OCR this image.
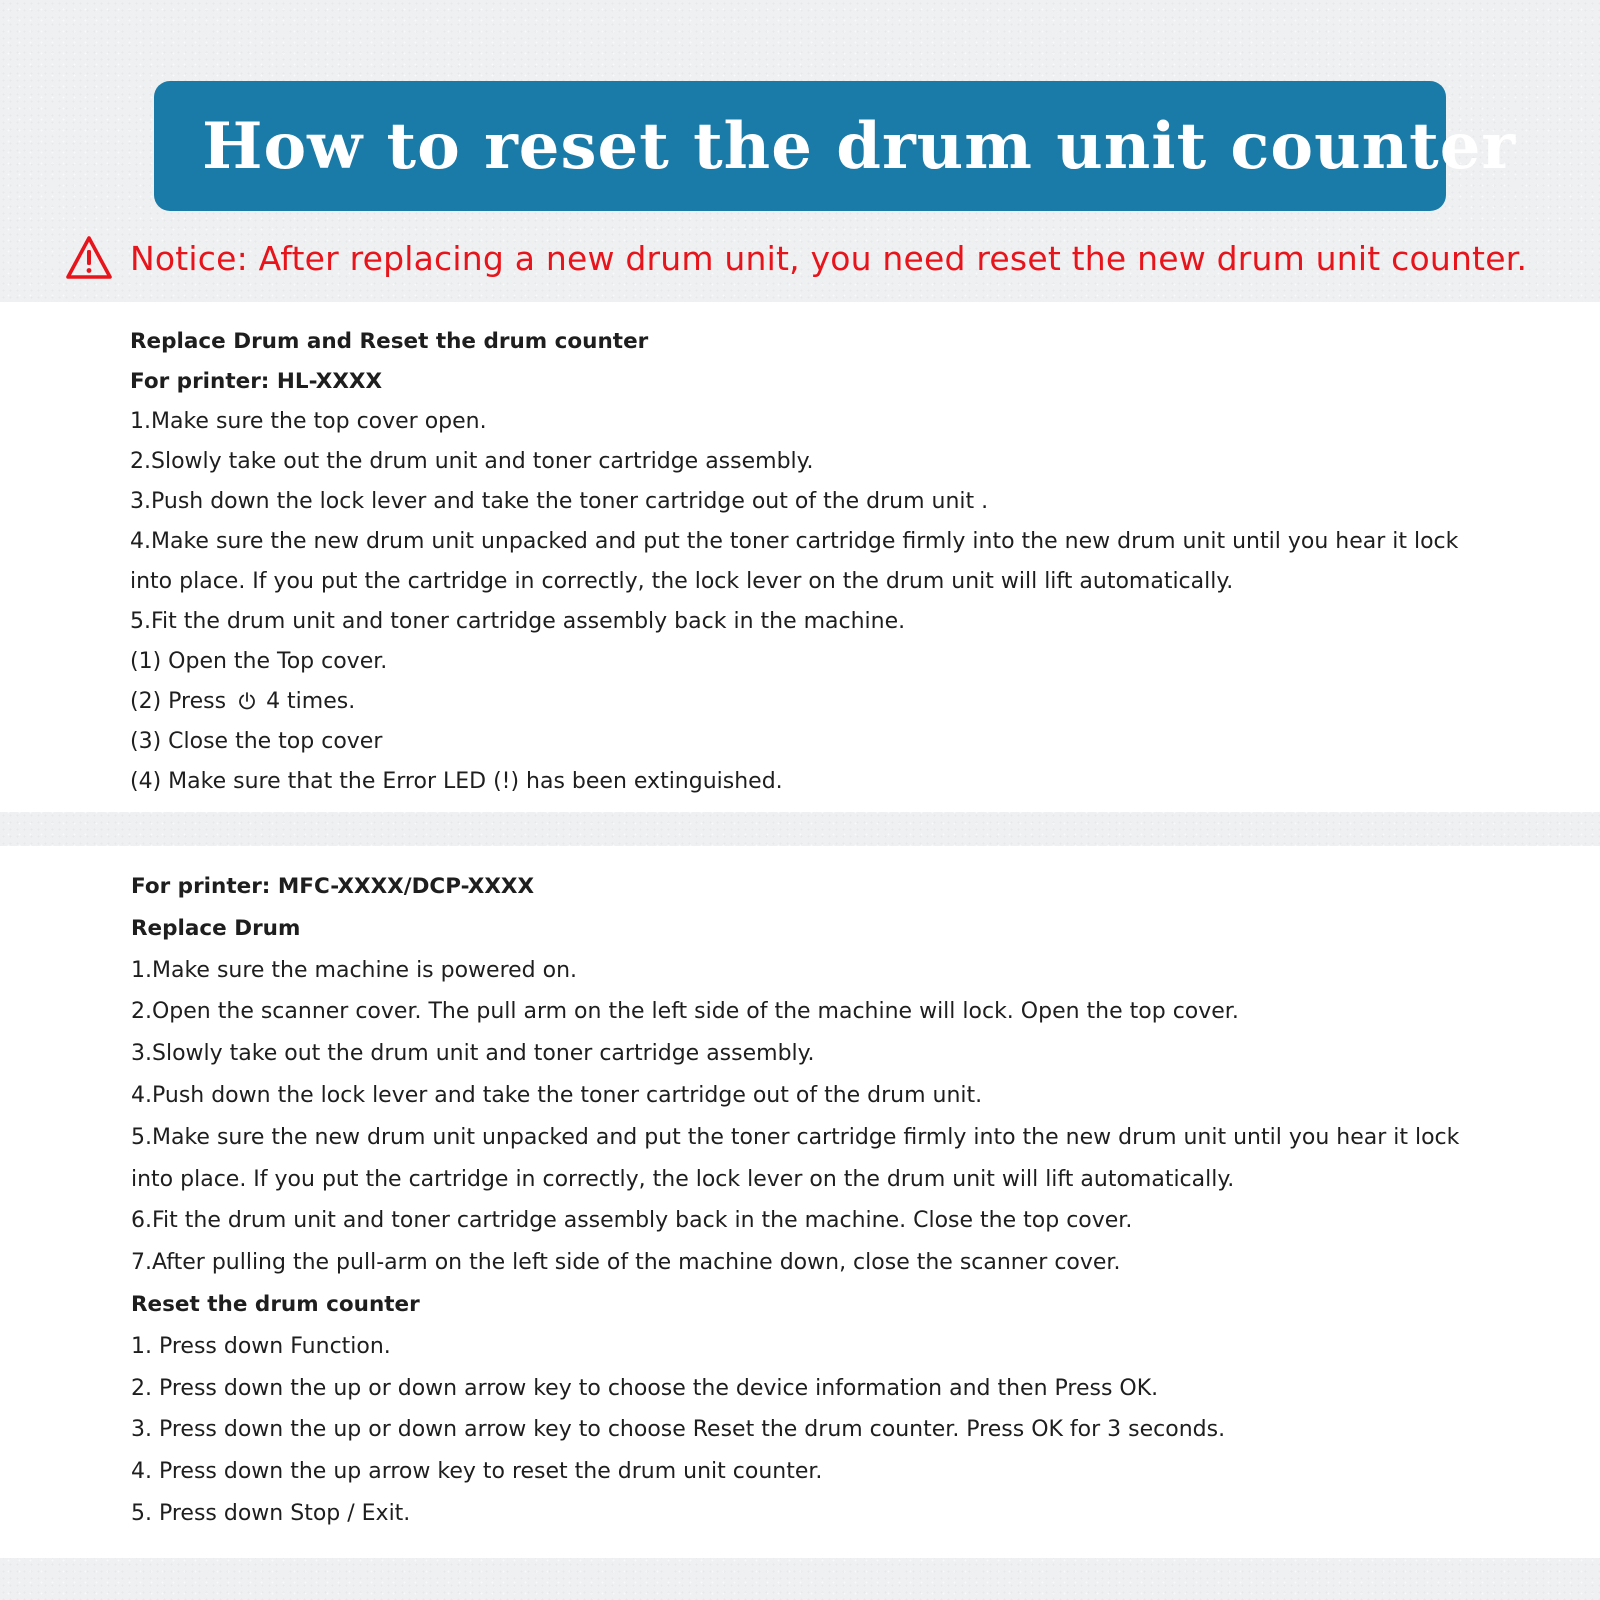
How to reset the drum unit counter
Notice: After replacing a new drum unit, you need reset the new drum unit counter.
Replace Drum and Reset the drum counter
For printer: HL-XXXX
1.Make sure the top cover open.
2.Slowly take out the drum unit and toner cartridge assembly.
3.Push down the lock lever and take the toner cartridge out of the drum unit .
4.Make sure the new drum unit unpacked and put the toner cartridge firmly into the new drum unit until you hear it lock into place. If you put the cartridge in correctly, the lock lever on the drum unit will lift automatically.
5.Fit the drum unit and toner cartridge assembly back in the machine.
(1) Open the Top cover.
(2) Press 4 times.
(3) Close the top cover
(4) Make sure that the Error LED (!) has been extinguished.
For printer: MFC-XXXX/DCP-XXXX
Replace Drum
1.Make sure the machine is powered on.
2.Open the scanner cover. The pull arm on the left side of the machine will lock. Open the top cover.
3.Slowly take out the drum unit and toner cartridge assembly.
4.Push down the lock lever and take the toner cartridge out of the drum unit.
5.Make sure the new drum unit unpacked and put the toner cartridge firmly into the new drum unit until you hear it lock into place. If you put the cartridge in correctly, the lock lever on the drum unit will lift automatically.
6.Fit the drum unit and toner cartridge assembly back in the machine. Close the top cover.
7.After pulling the pull-arm on the left side of the machine down, close the scanner cover.
Reset the drum counter
1. Press down Function.
2. Press down the up or down arrow key to choose the device information and then Press OK.
3. Press down the up or down arrow key to choose Reset the drum counter. Press OK for 3 seconds.
4. Press down the up arrow key to reset the drum unit counter.
5. Press down Stop / Exit.
